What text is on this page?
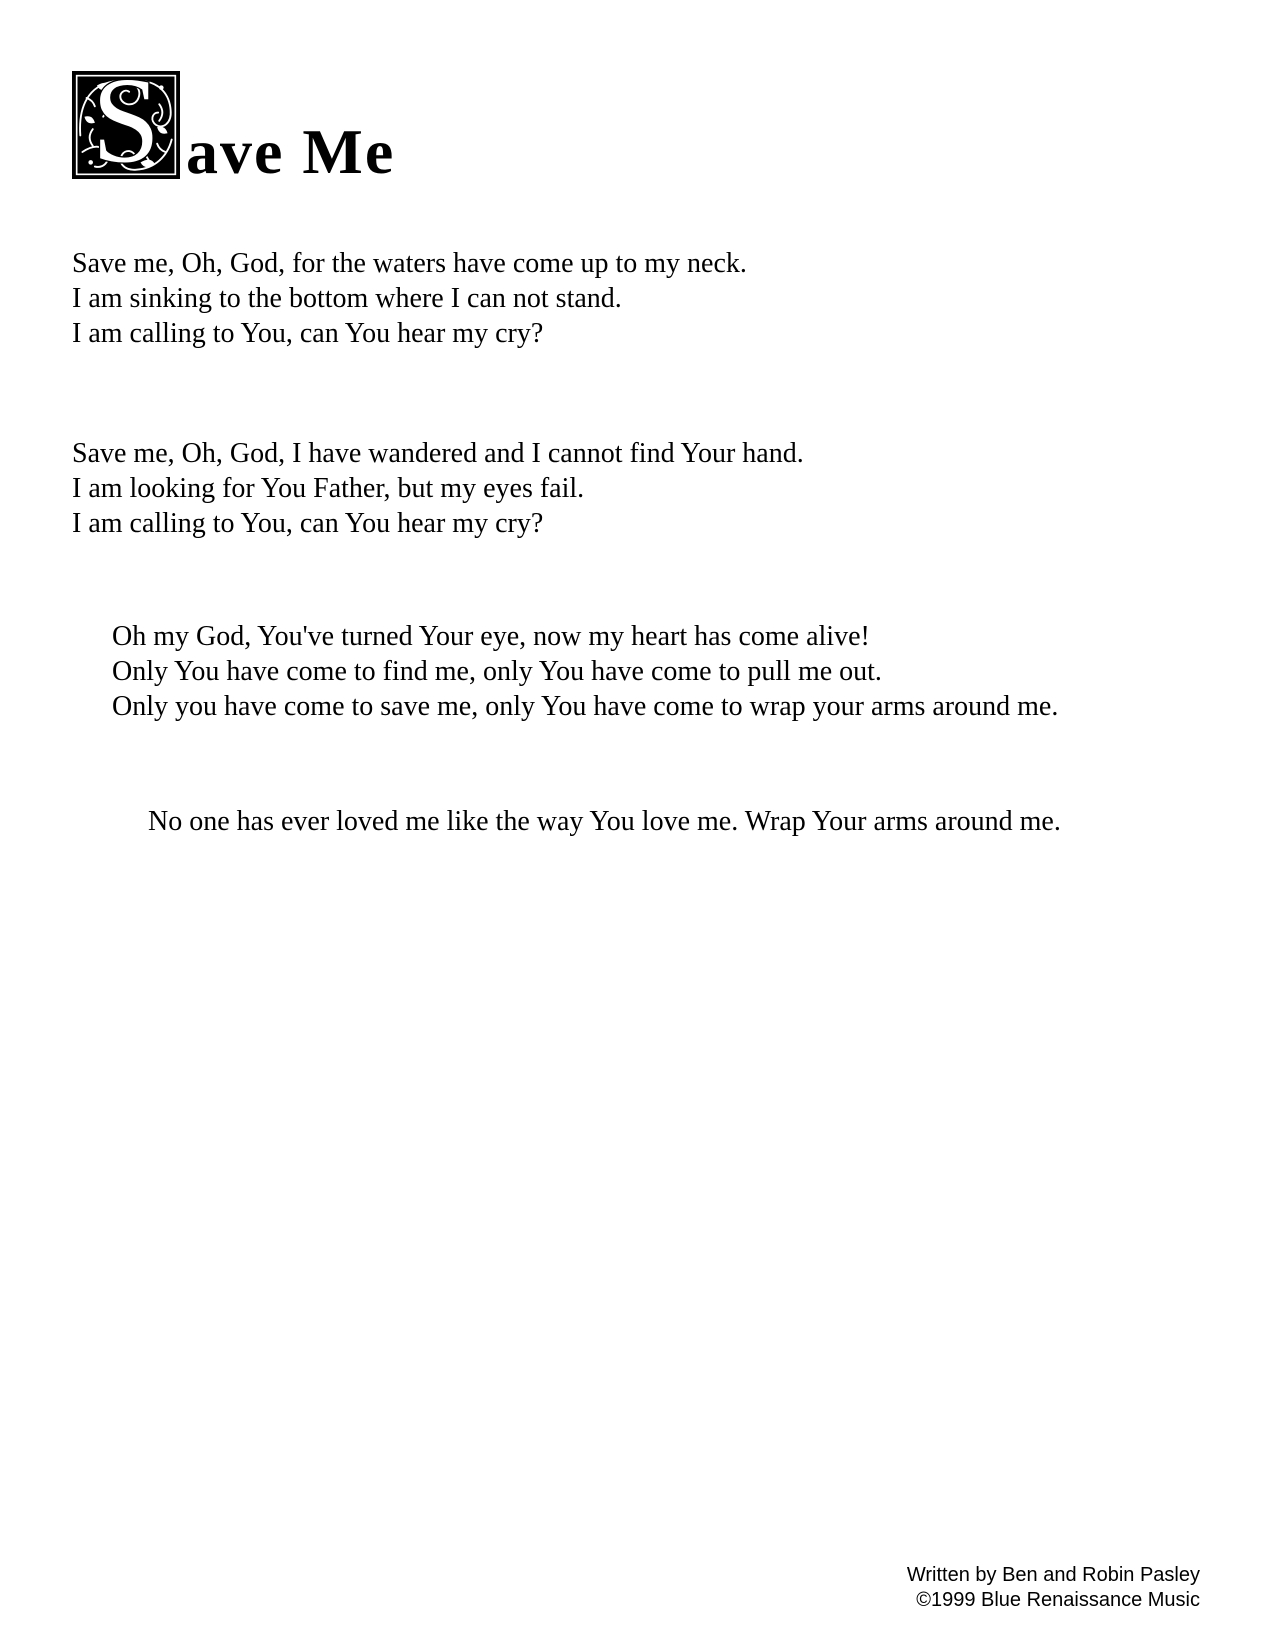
S ave Me
Save me, Oh, God, for the waters have come up to my neck.
I am sinking to the bottom where I can not stand.
I am calling to You, can You hear my cry?
Save me, Oh, God, I have wandered and I cannot find Your hand.
I am looking for You Father, but my eyes fail.
I am calling to You, can You hear my cry?
Oh my God, You've turned Your eye, now my heart has come alive!
Only You have come to find me, only You have come to pull me out.
Only you have come to save me, only You have come to wrap your arms around me.
No one has ever loved me like the way You love me. Wrap Your arms around me.
Written by Ben and Robin Pasley
©1999 Blue Renaissance Music
